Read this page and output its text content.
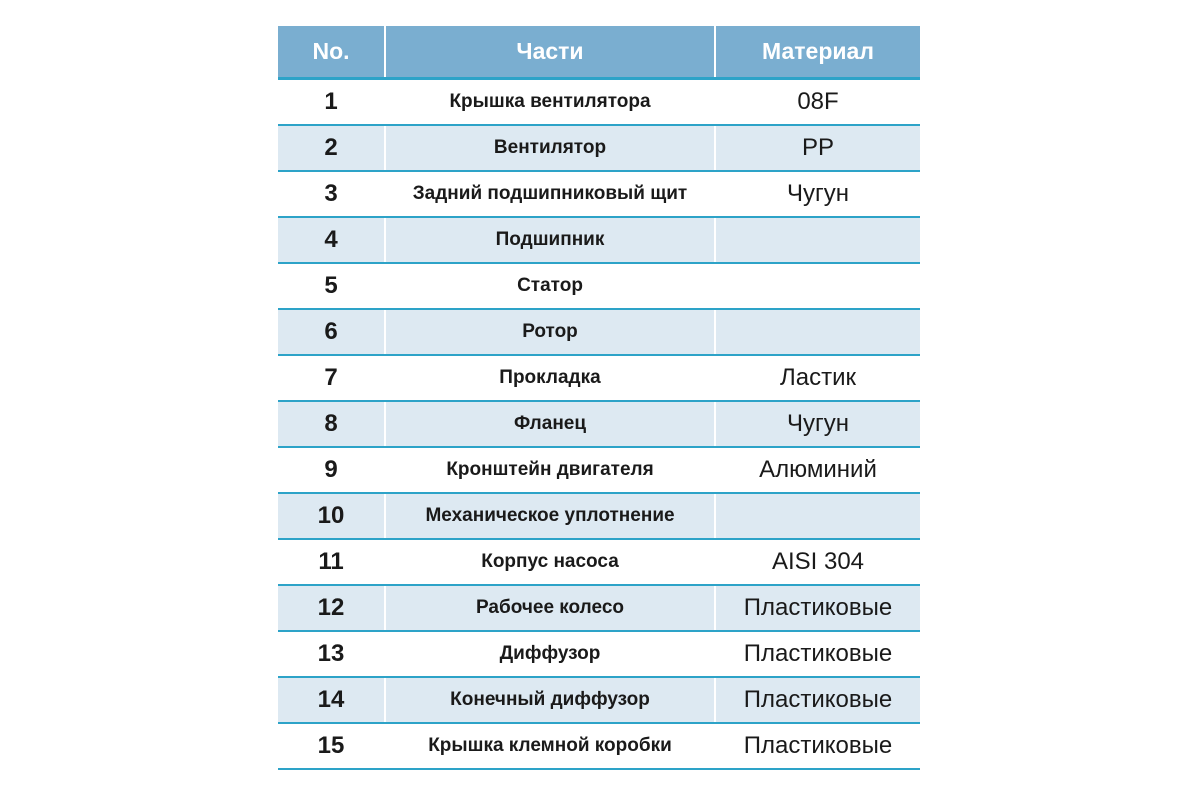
No.	Части	Материал
1	Крышка вентилятора	08F
2	Вентилятор	PP
3	Задний подшипниковый щит	Чугун
4	Подшипник	
5	Статор	
6	Ротор	
7	Прокладка	Ластик
8	Фланец	Чугун
9	Кронштейн двигателя	Алюминий
10	Механическое уплотнение	
11	Корпус насоса	AISI 304
12	Рабочее колесо	Пластиковые
13	Диффузор	Пластиковые
14	Конечный диффузор	Пластиковые
15	Крышка клемной коробки	Пластиковые
